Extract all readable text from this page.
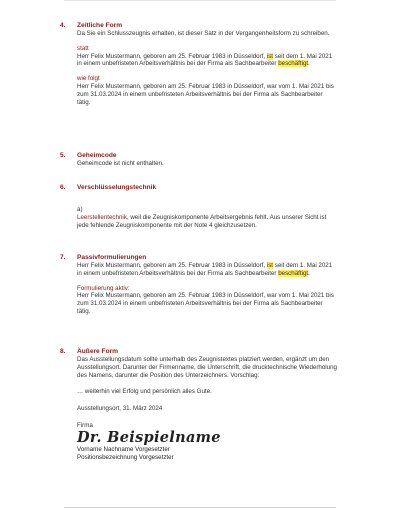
4. Zeitliche Form

Da Sie ein Schlusszeugnis erhalten, ist dieser Satz in der Vergangenheitsform zu schreiben.

statt

Herr Felix Mustermann, geboren am 25. Februar 1983 in Düsseldorf, ist seit dem 1. Mai 2021 in einem unbefristeten Arbeitsverhältnis bei der Firma als Sachbearbeiter beschäftigt.

wie folgt

Herr Felix Mustermann, geboren am 25. Februar 1983 in Düsseldorf, war vom 1. Mai 2021 bis zum 31.03.2024 in einem unbefristeten Arbeitsverhältnis bei der Firma als Sachbearbeiter tätig.

5. Geheimcode

Geheimcode ist nicht enthalten.

6. Verschlüsselungstechnik

a)

Leerstellentechnik, weil die Zeugniskomponente Arbeitsergebnis fehlt. Aus unserer Sicht ist jede fehlende Zeugniskomponente mit der Note 4 gleichzusetzen.

7. Passivformulierungen

Herr Felix Mustermann, geboren am 25. Februar 1983 in Düsseldorf, ist seit dem 1. Mai 2021 in einem unbefristeten Arbeitsverhältnis bei der Firma als Sachbearbeiter beschäftigt.

Formulierung aktiv:

Herr Felix Mustermann, geboren am 25. Februar 1983 in Düsseldorf, war vom 1. Mai 2021 bis zum 31.03.2024 in einem unbefristeten Arbeitsverhältnis bei der Firma als Sachbearbeiter tätig.

8. Äußere Form

Das Ausstellungsdatum sollte unterhalb des Zeugnistextes platziert werden, ergänzt um den Ausstellungsort. Darunter der Firmenname, die Unterschrift, die drucktechnische Wiederholung des Namens, darunter die Position des Unterzeichners. Vorschlag:

… weiterhin viel Erfolg und persönlich alles Gute.

Ausstellungsort, 31. März 2024

Firma

Dr. Beispielname

Vorname Nachname Vorgesetzter

Positionsbezeichnung Vorgesetzter
